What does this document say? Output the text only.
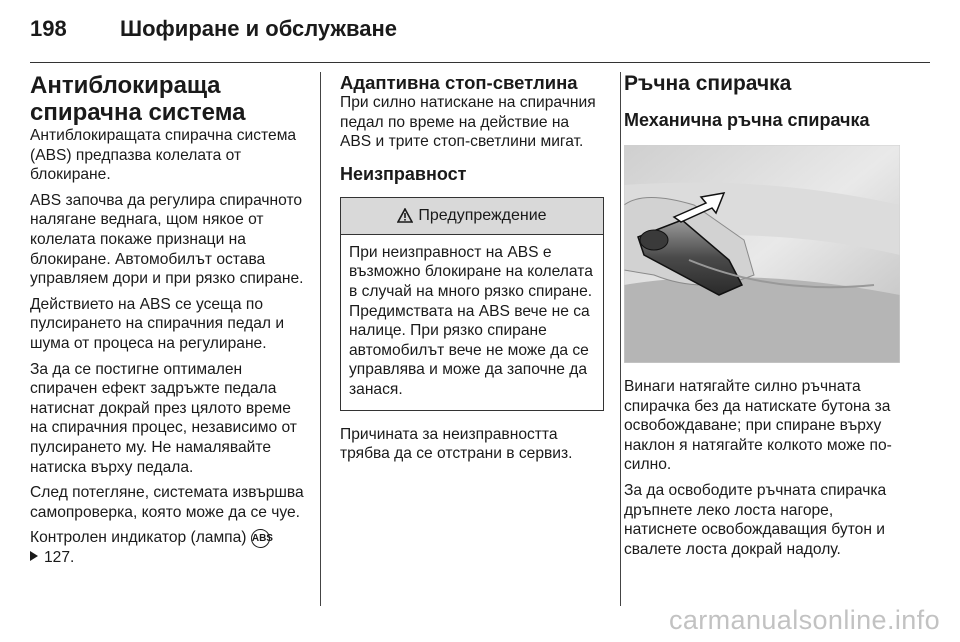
198	Шофиране и обслужване
Антиблокиращa спирачна система

Антиблокиращата спирачна система (ABS) предпазва колелата от блокиране.

ABS започва да регулира спирачното налягане веднага, щом някое от колелата покаже признаци на блокиране. Автомобилът остава управляем дори и при рязко спиране.

Действието на ABS се усеща по пулсирането на спирачния педал и шума от процеса на регулиране.

За да се постигне оптимален спирачен ефект задръжте педала натиснат докрай през цялото време на спирачния процес, независимо от пулсирането му. Не намалявайте натиска върху педала.

След потегляне, системата извършва самопроверка, която може да се чуе.

Контролен индикатор (лампа) ABS
127.

Адаптивна стоп-светлина

При силно натискане на спирачния педал по време на действие на ABS и трите стоп-светлини мигат.

Неизправност
Предупреждение

При неизправност на ABS е възможно блокиране на колелата в случай на много рязко спиране. Предимствата на ABS вече не са налице. При рязко спиране автомобилът вече не може да се управлява и може да започне да занася.

Причината за неизправността трябва да се отстрани в сервиз.

Ръчна спирачка
Механична ръчна спирачка

Винаги натягайте силно ръчната спирачка без да натискате бутона за освобождаване; при спиране върху наклон я натягайте колкото може по-силно.

За да освободите ръчната спирачка дръпнете леко лоста нагоре, натиснете освобождаващия бутон и свалете лоста докрай надолу.

carmanualsonline.info
